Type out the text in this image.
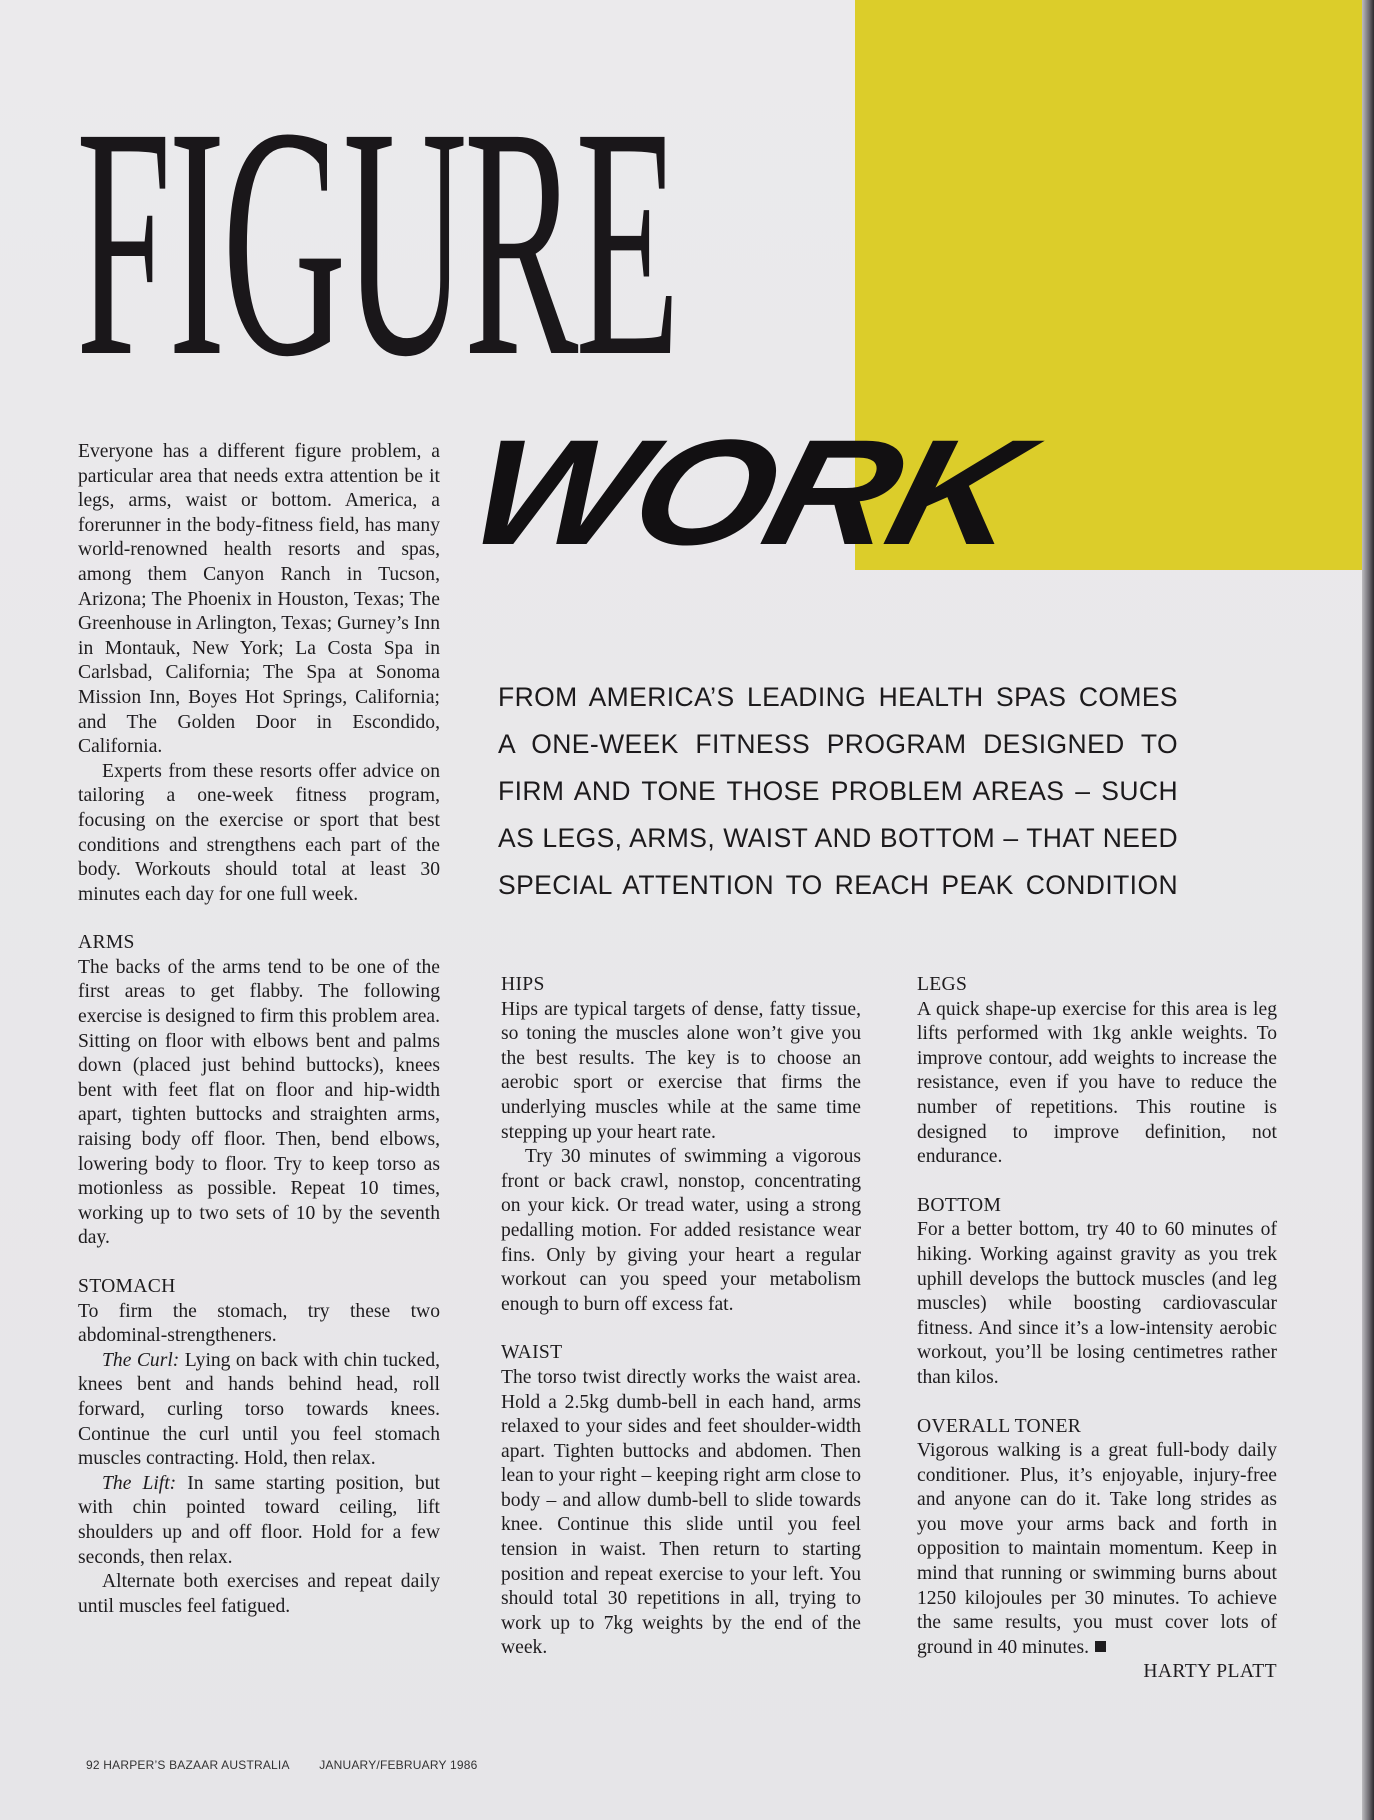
FIGURE
WORK
FROM AMERICA’S LEADING HEALTH SPAS COMES
A ONE-WEEK FITNESS PROGRAM DESIGNED TO
FIRM AND TONE THOSE PROBLEM AREAS – SUCH
AS LEGS, ARMS, WAIST AND BOTTOM – THAT NEED
SPECIAL ATTENTION TO REACH PEAK CONDITION

Everyone has a different figure problem, a particular area that needs extra attention be it legs, arms, waist or bottom. America, a forerunner in the body-fitness field, has many world-renowned health resorts and spas, among them Canyon Ranch in Tucson, Arizona; The Phoenix in Houston, Texas; The Greenhouse in Arlington, Texas; Gurney’s Inn in Montauk, New York; La Costa Spa in Carlsbad, California; The Spa at Sonoma Mission Inn, Boyes Hot Springs, California; and The Golden Door in Escondido, California.

Experts from these resorts offer advice on tailoring a one-week fitness program, focusing on the exercise or sport that best conditions and strengthens each part of the body. Workouts should total at least 30 minutes each day for one full week.

ARMS

The backs of the arms tend to be one of the first areas to get flabby. The following exercise is designed to firm this problem area. Sitting on floor with elbows bent and palms down (placed just behind buttocks), knees bent with feet flat on floor and hip-width apart, tighten buttocks and straighten arms, raising body off floor. Then, bend elbows, lowering body to floor. Try to keep torso as motionless as possible. Repeat 10 times, working up to two sets of 10 by the seventh day.

STOMACH

To firm the stomach, try these two abdominal-strengtheners.

The Curl: Lying on back with chin tucked, knees bent and hands behind head, roll forward, curling torso towards knees. Continue the curl until you feel stomach muscles contracting. Hold, then relax.

The Lift: In same starting position, but with chin pointed toward ceiling, lift shoulders up and off floor. Hold for a few seconds, then relax.

Alternate both exercises and repeat daily until muscles feel fatigued.

HIPS

Hips are typical targets of dense, fatty tissue, so toning the muscles alone won’t give you the best results. The key is to choose an aerobic sport or exercise that firms the underlying muscles while at the same time stepping up your heart rate.

Try 30 minutes of swimming a vigorous front or back crawl, nonstop, concentrating on your kick. Or tread water, using a strong pedalling motion. For added resistance wear fins. Only by giving your heart a regular workout can you speed your metabolism enough to burn off excess fat.

WAIST

The torso twist directly works the waist area. Hold a 2.5kg dumb-bell in each hand, arms relaxed to your sides and feet shoulder-width apart. Tighten buttocks and abdomen. Then lean to your right – keeping right arm close to body – and allow dumb-bell to slide towards knee. Continue this slide until you feel tension in waist. Then return to starting position and repeat exercise to your left. You should total 30 repetitions in all, trying to work up to 7kg weights by the end of the week.

LEGS

A quick shape-up exercise for this area is leg lifts performed with 1kg ankle weights. To improve contour, add weights to increase the resistance, even if you have to reduce the number of repetitions. This routine is designed to improve definition, not endurance.

BOTTOM

For a better bottom, try 40 to 60 minutes of hiking. Working against gravity as you trek uphill develops the buttock muscles (and leg muscles) while boosting cardiovascular fitness. And since it’s a low-intensity aerobic workout, you’ll be losing centimetres rather than kilos.

OVERALL TONER

Vigorous walking is a great full-body daily conditioner. Plus, it’s enjoyable, injury-free and anyone can do it. Take long strides as you move your arms back and forth in opposition to maintain momentum. Keep in mind that running or swimming burns about 1250 kilojoules per 30 minutes. To achieve the same results, you must cover lots of ground in 40 minutes.

HARTY PLATT

92 HARPER’S BAZAAR AUSTRALIA JANUARY/FEBRUARY 1986
